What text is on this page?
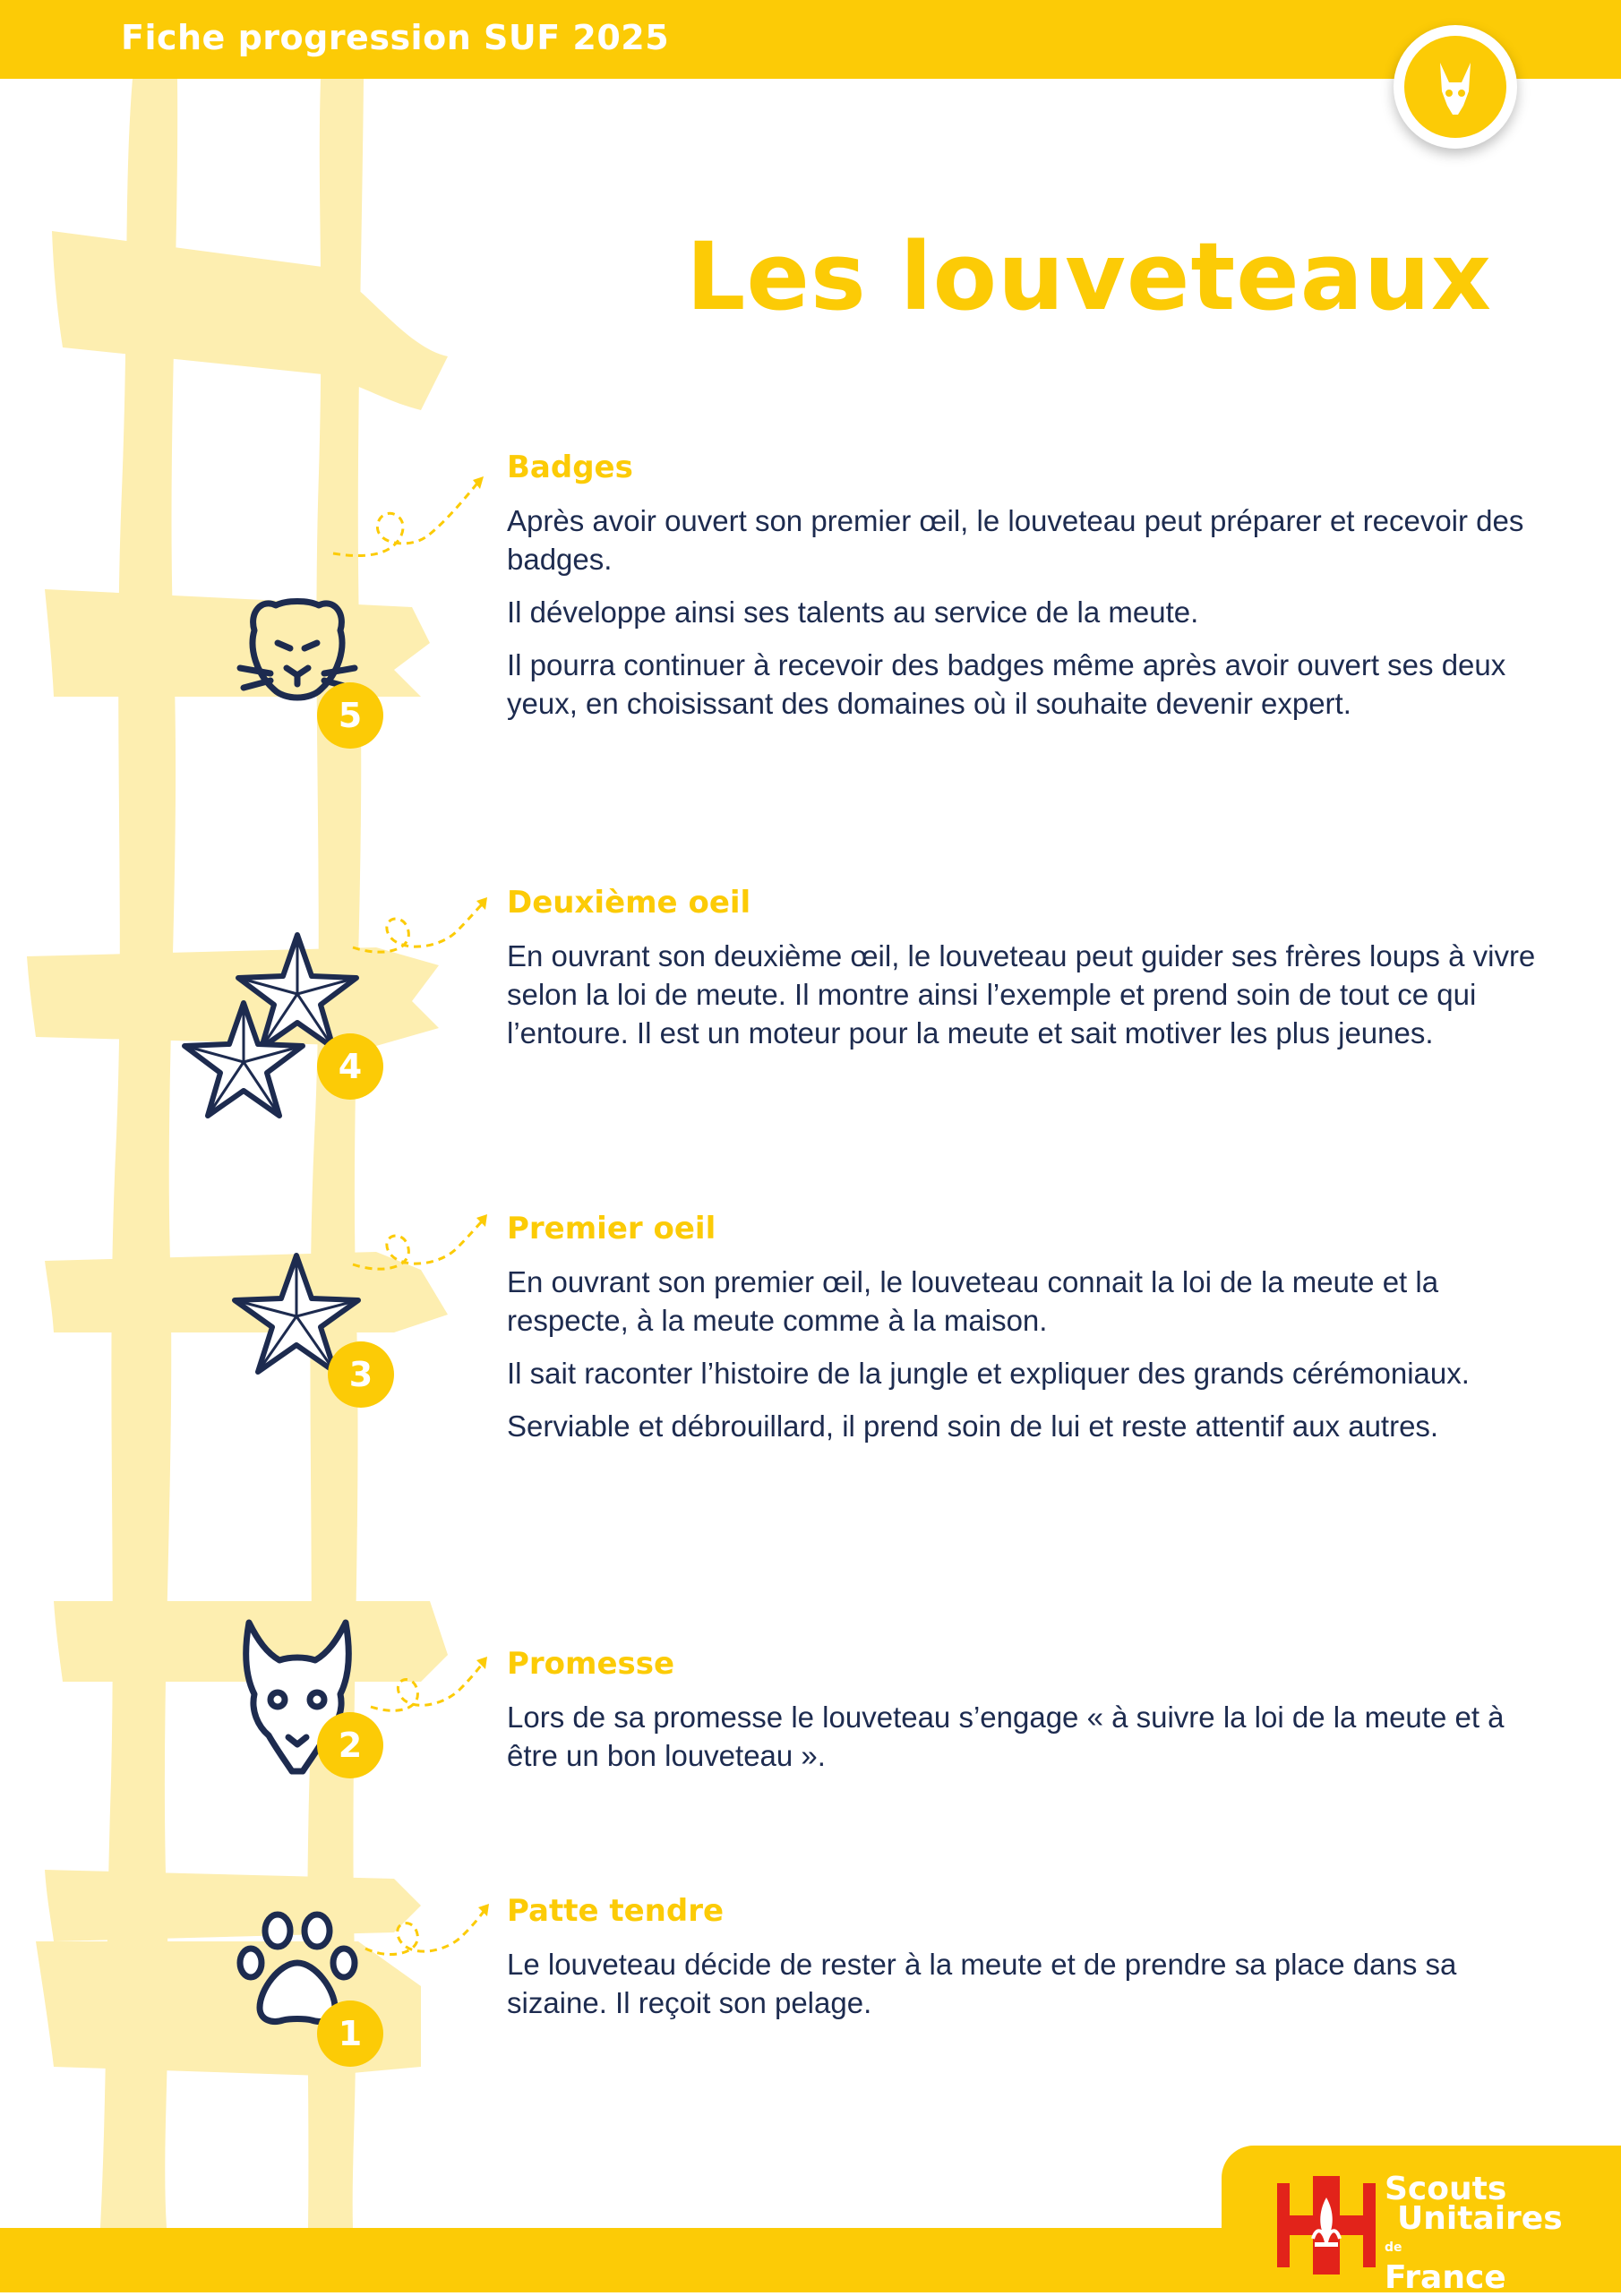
Fiche progression SUF 2025
Les louveteaux
5
Badges

Après avoir ouvert son premier œil, le louveteau peut préparer et recevoir des badges.

Il développe ainsi ses talents au service de la meute.

Il pourra continuer à recevoir des badges même après avoir ouvert ses deux yeux, en choisissant des domaines où il souhaite devenir expert.

4
Deuxième oeil

En ouvrant son deuxième œil, le louveteau peut guider ses frères loups à vivre selon la loi de meute. Il montre ainsi l’exemple et prend soin de tout ce qui l’entoure. Il est un moteur pour la meute et sait motiver les plus jeunes.

3
Premier oeil

En ouvrant son premier œil, le louveteau connait la loi de la meute et la respecte, à la meute comme à la maison.

Il sait raconter l’histoire de la jungle et expliquer des grands cérémoniaux.

Serviable et débrouillard, il prend soin de lui et reste attentif aux autres.

2
Promesse

Lors de sa promesse le louveteau s’engage « à suivre la loi de la meute et à être un bon louveteau ».

1
Patte tendre

Le louveteau décide de rester à la meute et de prendre sa place dans sa sizaine. Il reçoit son pelage.

Scouts
Unitaires
$^{de}$
France
